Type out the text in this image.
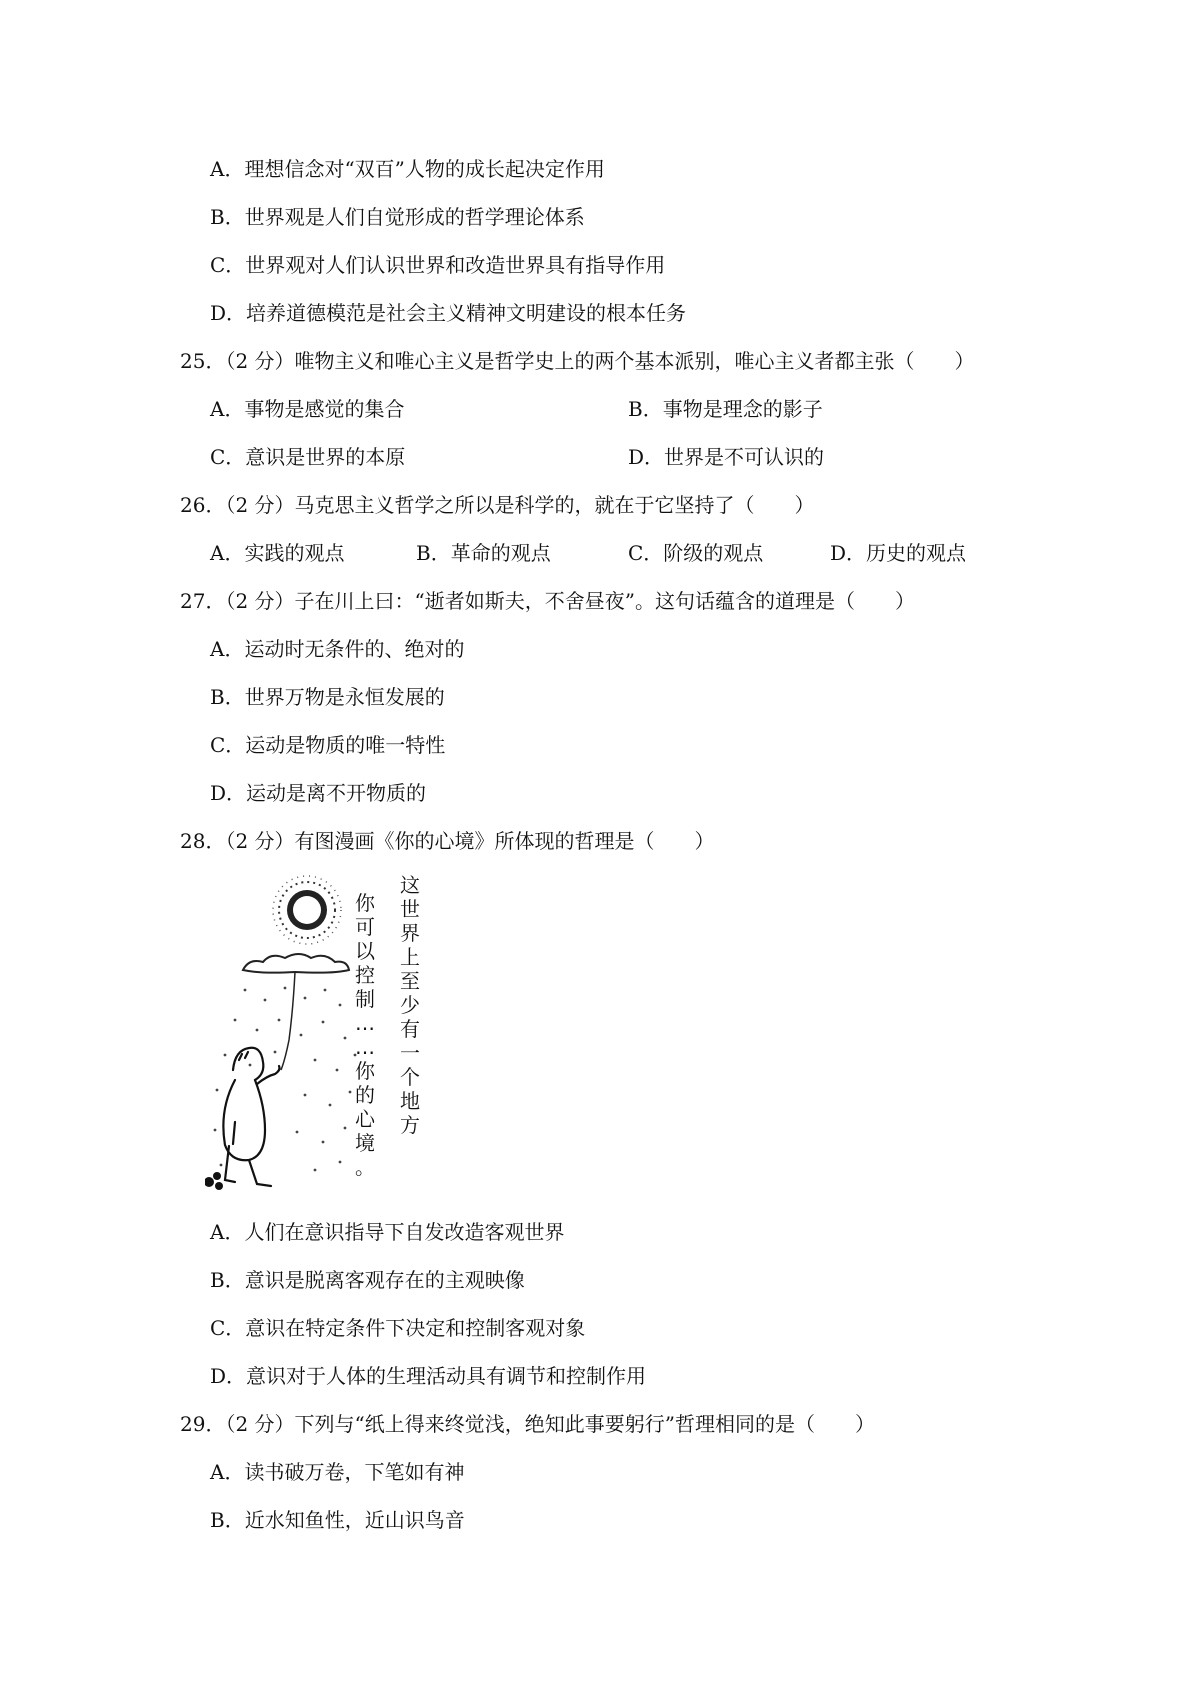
A．理想信念对“双百”人物的成长起决定作用
B．世界观是人们自觉形成的哲学理论体系
C．世界观对人们认识世界和改造世界具有指导作用
D．培养道德模范是社会主义精神文明建设的根本任务
25．（2 分）唯物主义和唯心主义是哲学史上的两个基本派别，唯心主义者都主张（　　）
A．事物是感觉的集合	B．事物是理念的影子
C．意识是世界的本原	D．世界是不可认识的
26．（2 分）马克思主义哲学之所以是科学的，就在于它坚持了（　　）
A．实践的观点	B．革命的观点	C．阶级的观点	D．历史的观点
27．（2 分）子在川上曰：“逝者如斯夫，不舍昼夜”。这句话蕴含的道理是（　　）
A．运动时无条件的、绝对的
B．世界万物是永恒发展的
C．运动是物质的唯一特性
D．运动是离不开物质的
28．（2 分）有图漫画《你的心境》所体现的哲理是（　　）
这世界上至少有一个地方
你可以控制… …你的心境。
A．人们在意识指导下自发改造客观世界
B．意识是脱离客观存在的主观映像
C．意识在特定条件下决定和控制客观对象
D．意识对于人体的生理活动具有调节和控制作用
29．（2 分）下列与“纸上得来终觉浅，绝知此事要躬行”哲理相同的是（　　）
A．读书破万卷，下笔如有神
B．近水知鱼性，近山识鸟音
